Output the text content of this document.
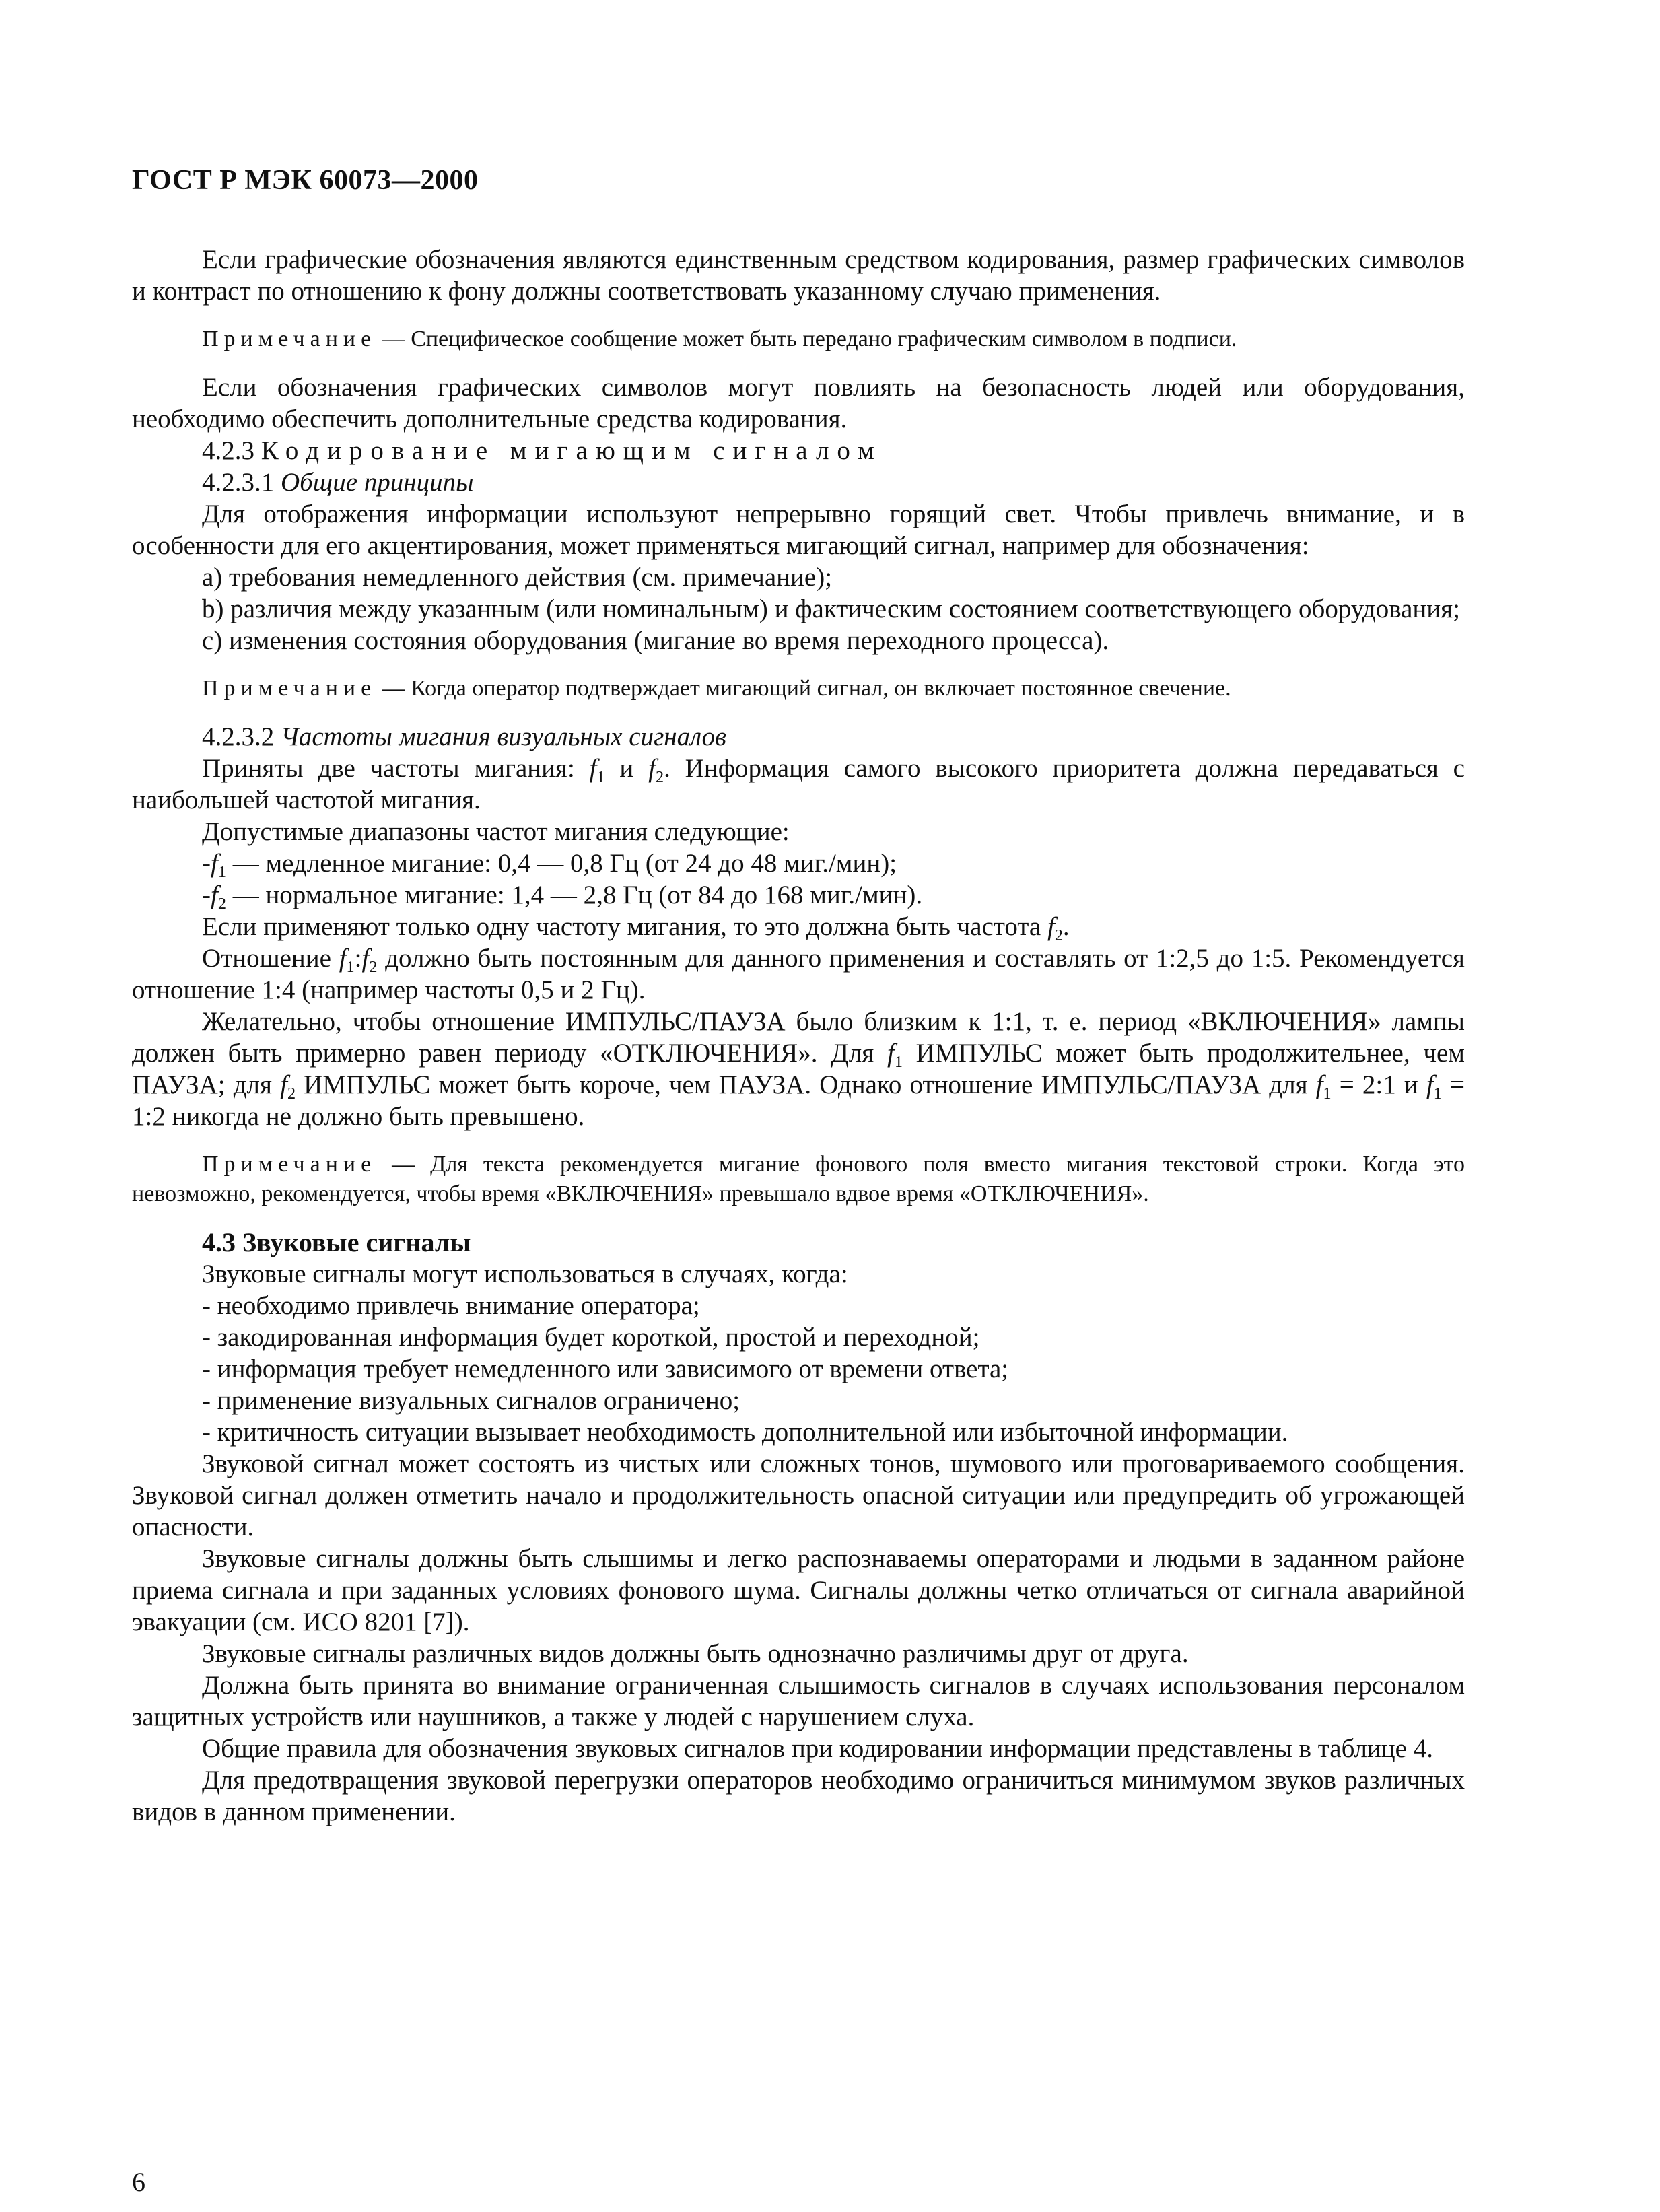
ГОСТ Р МЭК 60073—2000

Если графические обозначения являются единственным средством кодирования, размер графических символов и контраст по отношению к фону должны соответствовать указанному случаю применения.

Примечание — Специфическое сообщение может быть передано графическим символом в подписи.

Если обозначения графических символов могут повлиять на безопасность людей или оборудования, необходимо обеспечить дополнительные средства кодирования.

4.2.3 Кодирование мигающим сигналом

4.2.3.1 Общие принципы

Для отображения информации используют непрерывно горящий свет. Чтобы привлечь внимание, и в особенности для его акцентирования, может применяться мигающий сигнал, например для обозначения:

a) требования немедленного действия (см. примечание);

b) различия между указанным (или номинальным) и фактическим состоянием соответствующего оборудования;

c) изменения состояния оборудования (мигание во время переходного процесса).

Примечание — Когда оператор подтверждает мигающий сигнал, он включает постоянное свечение.

4.2.3.2 Частоты мигания визуальных сигналов

Приняты две частоты мигания: $f_1$ и $f_2$. Информация самого высокого приоритета должна передаваться с наибольшей частотой мигания.

Допустимые диапазоны частот мигания следующие:

$-f_1$ — медленное мигание: 0,4 — 0,8 Гц (от 24 до 48 миг./мин);

$-f_2$ — нормальное мигание: 1,4 — 2,8 Гц (от 84 до 168 миг./мин).

Если применяют только одну частоту мигания, то это должна быть частота $f_2$.

Отношение $f_1:f_2$ должно быть постоянным для данного применения и составлять от 1:2,5 до 1:5. Рекомендуется отношение 1:4 (например частоты 0,5 и 2 Гц).

Желательно, чтобы отношение ИМПУЛЬС/ПАУЗА было близким к 1:1, т. е. период «ВКЛЮЧЕНИЯ» лампы должен быть примерно равен периоду «ОТКЛЮЧЕНИЯ». Для $f_1$ ИМПУЛЬС может быть продолжительнее, чем ПАУЗА; для $f_2$ ИМПУЛЬС может быть короче, чем ПАУЗА. Однако отношение ИМПУЛЬС/ПАУЗА для $f_1$ = 2:1 и $f_1$ = 1:2 никогда не должно быть превышено.

Примечание — Для текста рекомендуется мигание фонового поля вместо мигания текстовой строки. Когда это невозможно, рекомендуется, чтобы время «ВКЛЮЧЕНИЯ» превышало вдвое время «ОТКЛЮЧЕНИЯ».

4.3 Звуковые сигналы

Звуковые сигналы могут использоваться в случаях, когда:

- необходимо привлечь внимание оператора;

- закодированная информация будет короткой, простой и переходной;

- информация требует немедленного или зависимого от времени ответа;

- применение визуальных сигналов ограничено;

- критичность ситуации вызывает необходимость дополнительной или избыточной информации.

Звуковой сигнал может состоять из чистых или сложных тонов, шумового или проговариваемого сообщения. Звуковой сигнал должен отметить начало и продолжительность опасной ситуации или предупредить об угрожающей опасности.

Звуковые сигналы должны быть слышимы и легко распознаваемы операторами и людьми в заданном районе приема сигнала и при заданных условиях фонового шума. Сигналы должны четко отличаться от сигнала аварийной эвакуации (см. ИСО 8201 [7]).

Звуковые сигналы различных видов должны быть однозначно различимы друг от друга.

Должна быть принята во внимание ограниченная слышимость сигналов в случаях использования персоналом защитных устройств или наушников, а также у людей с нарушением слуха.

Общие правила для обозначения звуковых сигналов при кодировании информации представлены в таблице 4.

Для предотвращения звуковой перегрузки операторов необходимо ограничиться минимумом звуков различных видов в данном применении.

6
